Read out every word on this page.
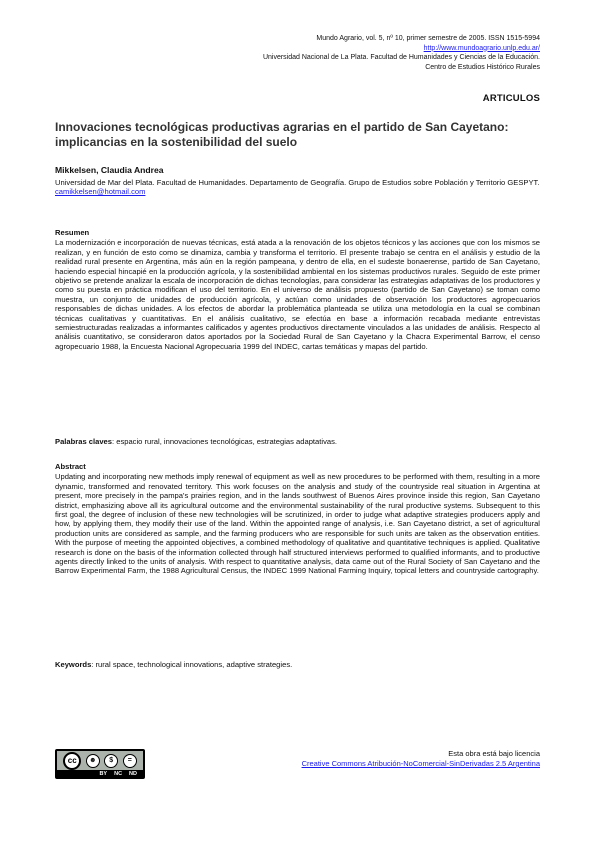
Mundo Agrario, vol. 5, nº 10, primer semestre de 2005. ISSN 1515-5994
http://www.mundoagrario.unlp.edu.ar/
Universidad Nacional de La Plata. Facultad de Humanidades y Ciencias de la Educación.
Centro de Estudios Histórico Rurales
ARTICULOS
Innovaciones tecnológicas productivas agrarias en el partido de San Cayetano: implicancias en la sostenibilidad del suelo
Mikkelsen, Claudia Andrea
Universidad de Mar del Plata. Facultad de Humanidades. Departamento de Geografía. Grupo de Estudios sobre Población y Territorio GESPYT.
camikkelsen@hotmail.com
Resumen

La modernización e incorporación de nuevas técnicas, está atada a la renovación de los objetos técnicos y las acciones que con los mismos se realizan, y en función de esto como se dinamiza, cambia y transforma el territorio. El presente trabajo se centra en el análisis y estudio de la realidad rural presente en Argentina, más aún en la región pampeana, y dentro de ella, en el sudeste bonaerense, partido de San Cayetano, haciendo especial hincapié en la producción agrícola, y la sostenibilidad ambiental en los sistemas productivos rurales. Seguido de este primer objetivo se pretende analizar la escala de incorporación de dichas tecnologías, para considerar las estrategias adaptativas de los productores y como su puesta en práctica modifican el uso del territorio. En el universo de análisis propuesto (partido de San Cayetano) se toman como muestra, un conjunto de unidades de producción agrícola, y actúan como unidades de observación los productores agropecuarios responsables de dichas unidades. A los efectos de abordar la problemática planteada se utiliza una metodología en la cual se combinan técnicas cualitativas y cuantitativas. En el análisis cualitativo, se efectúa en base a información recabada mediante entrevistas semiestructuradas realizadas a informantes calificados y agentes productivos directamente vinculados a las unidades de análisis. Respecto al análisis cuantitativo, se consideraron datos aportados por la Sociedad Rural de San Cayetano y la Chacra Experimental Barrow, el censo agropecuario 1988, la Encuesta Nacional Agropecuaria 1999 del INDEC, cartas temáticas y mapas del partido.

Palabras claves: espacio rural, innovaciones tecnológicas, estrategias adaptativas.
Abstract

Updating and incorporating new methods imply renewal of equipment as well as new procedures to be performed with them, resulting in a more dynamic, transformed and renovated territory. This work focuses on the analysis and study of the countryside real situation in Argentina at present, more precisely in the pampa's prairies region, and in the lands southwest of Buenos Aires province inside this region, San Cayetano district, emphasizing above all its agricultural outcome and the environmental sustainability of the rural productive systems. Subsequent to this first goal, the degree of inclusion of these new technologies will be scrutinized, in order to judge what adaptive strategies producers apply and how, by applying them, they modify their use of the land. Within the appointed range of analysis, i.e. San Cayetano district, a set of agricultural production units are considered as sample, and the farming producers who are responsible for such units are taken as the observation entities. With the purpose of meeting the appointed objectives, a combined methodology of qualitative and quantitative techniques is applied. Qualitative research is done on the basis of the information collected through half structured interviews performed to qualified informants, and to productive agents directly linked to the units of analysis. With respect to quantitative analysis, data came out of the Rural Society of San Cayetano and the Barrow Experimental Farm, the 1988 Agricultural Census, the INDEC 1999 National Farming Inquiry, topical letters and countryside cartography.

Keywords: rural space, technological innovations, adaptive strategies.
cc	☻	$	=
BY NC ND
Esta obra está bajo licencia
Creative Commons Atribución-NoComercial-SinDerivadas 2.5 Argentina
